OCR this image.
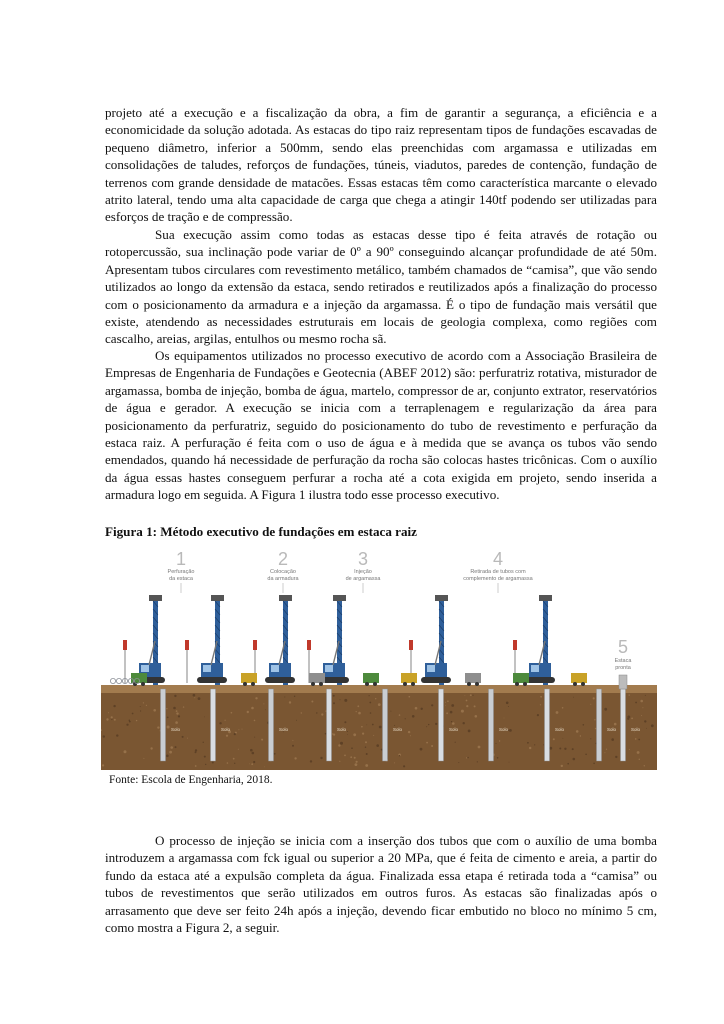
projeto até a execução e a fiscalização da obra, a fim de garantir a segurança, a eficiência e a economicidade da solução adotada. As estacas do tipo raiz representam tipos de fundações escavadas de pequeno diâmetro, inferior a 500mm, sendo elas preenchidas com argamassa e utilizadas em consolidações de taludes, reforços de fundações, túneis, viadutos, paredes de contenção, fundação de terrenos com grande densidade de matacões. Essas estacas têm como característica marcante o elevado atrito lateral, tendo uma alta capacidade de carga que chega a atingir 140tf podendo ser utilizadas para esforços de tração e de compressão.

Sua execução assim como todas as estacas desse tipo é feita através de rotação ou rotopercussão, sua inclinação pode variar de 0º a 90º conseguindo alcançar profundidade de até 50m. Apresentam tubos circulares com revestimento metálico, também chamados de “camisa”, que vão sendo utilizados ao longo da extensão da estaca, sendo retirados e reutilizados após a finalização do processo com o posicionamento da armadura e a injeção da argamassa. É o tipo de fundação mais versátil que existe, atendendo as necessidades estruturais em locais de geologia complexa, como regiões com cascalho, areias, argilas, entulhos ou mesmo rocha sã.

Os equipamentos utilizados no processo executivo de acordo com a Associação Brasileira de Empresas de Engenharia de Fundações e Geotecnia (ABEF 2012) são: perfuratriz rotativa, misturador de argamassa, bomba de injeção, bomba de água, martelo, compressor de ar, conjunto extrator, reservatórios de água e gerador. A execução se inicia com a terraplenagem e regularização da área para posicionamento da perfuratriz, seguido do posicionamento do tubo de revestimento e perfuração da estaca raiz. A perfuração é feita com o uso de água e à medida que se avança os tubos vão sendo emendados, quando há necessidade de perfuração da rocha são colocas hastes tricônicas. Com o auxílio da água essas hastes conseguem perfurar a rocha até a cota exigida em projeto, sendo inserida a armadura logo em seguida. A Figura 1 ilustra todo esse processo executivo.

Figura 1: Método executivo de fundações em estaca raiz

1
Perfuração
da estaca
2
Colocação
da armadura
3
Injeção
de argamassa
4
Retirada de tubos com
complemento de argamassa
5
Estaca
pronta
Solo	Solo	Solo	Solo	Solo	Solo	Solo	Solo	Solo	Solo

Fonte: Escola de Engenharia, 2018.

O processo de injeção se inicia com a inserção dos tubos que com o auxílio de uma bomba introduzem a argamassa com fck igual ou superior a 20 MPa, que é feita de cimento e areia, a partir do fundo da estaca até a expulsão completa da água. Finalizada essa etapa é retirada toda a “camisa” ou tubos de revestimentos que serão utilizados em outros furos. As estacas são finalizadas após o arrasamento que deve ser feito 24h após a injeção, devendo ficar embutido no bloco no mínimo 5 cm, como mostra a Figura 2, a seguir.
